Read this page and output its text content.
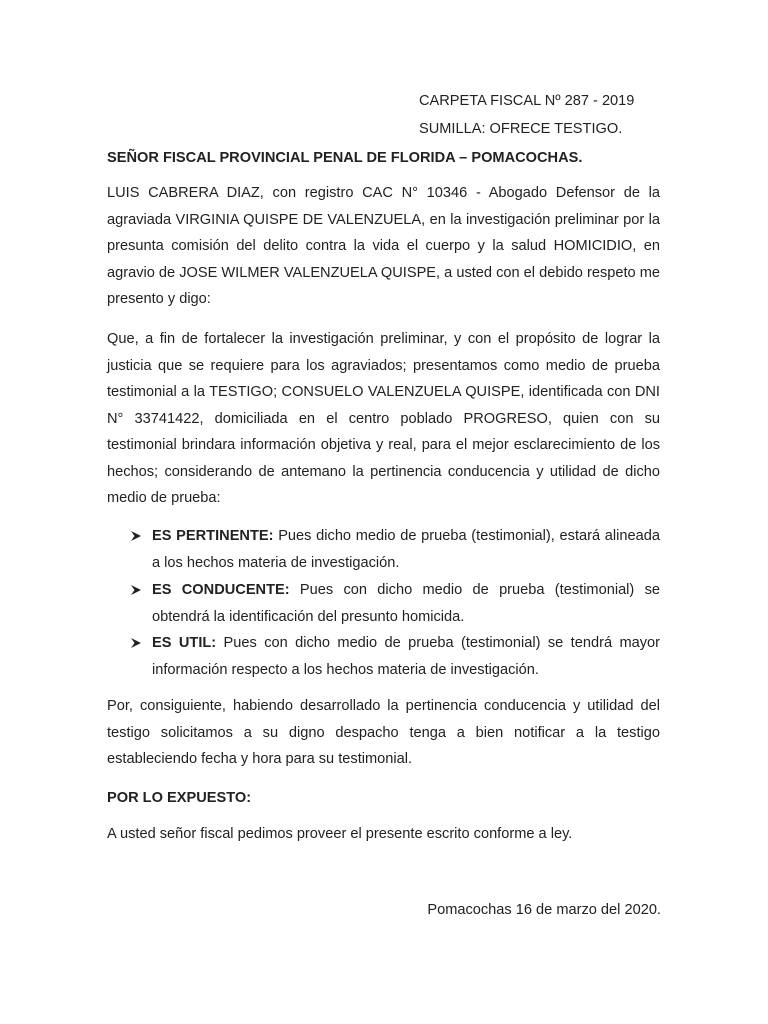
CARPETA FISCAL Nº 287 - 2019

SUMILLA: OFRECE TESTIGO.

SEÑOR FISCAL PROVINCIAL PENAL DE FLORIDA – POMACOCHAS.

LUIS CABRERA DIAZ, con registro CAC N° 10346 - Abogado Defensor de la agraviada VIRGINIA QUISPE DE VALENZUELA, en la investigación preliminar por la presunta comisión del delito contra la vida el cuerpo y la salud HOMICIDIO, en agravio de JOSE WILMER VALENZUELA QUISPE, a usted con el debido respeto me presento y digo:

Que, a fin de fortalecer la investigación preliminar, y con el propósito de lograr la justicia que se requiere para los agraviados; presentamos como medio de prueba testimonial a la TESTIGO; CONSUELO VALENZUELA QUISPE, identificada con DNI N° 33741422, domiciliada en el centro poblado PROGRESO, quien con su testimonial brindara información objetiva y real, para el mejor esclarecimiento de los hechos; considerando de antemano la pertinencia conducencia y utilidad de dicho medio de prueba:

ES PERTINENTE: Pues dicho medio de prueba (testimonial), estará alineada a los hechos materia de investigación.
ES CONDUCENTE: Pues con dicho medio de prueba (testimonial) se obtendrá la identificación del presunto homicida.
ES UTIL: Pues con dicho medio de prueba (testimonial) se tendrá mayor información respecto a los hechos materia de investigación.

Por, consiguiente, habiendo desarrollado la pertinencia conducencia y utilidad del testigo solicitamos a su digno despacho tenga a bien notificar a la testigo estableciendo fecha y hora para su testimonial.

POR LO EXPUESTO:

A usted señor fiscal pedimos proveer el presente escrito conforme a ley.

Pomacochas 16 de marzo del 2020.
